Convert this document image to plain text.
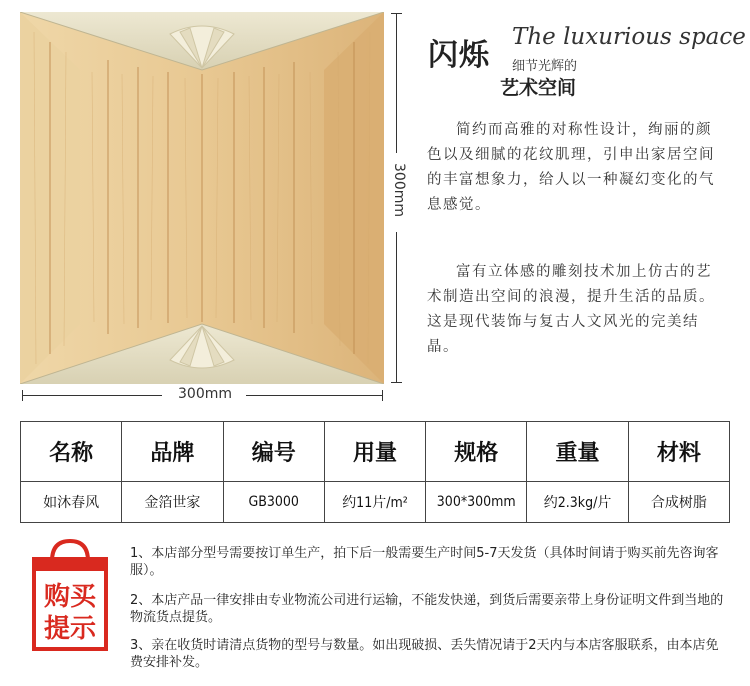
300mm
300mm
闪烁
The luxurious space
细节光辉的
艺术空间

简约而高雅的对称性设计，绚丽的颜色以及细腻的花纹肌理，引申出家居空间的丰富想象力，给人以一种凝幻变化的气息感觉。

富有立体感的雕刻技术加上仿古的艺术制造出空间的浪漫，提升生活的品质。这是现代装饰与复古人文风光的完美结晶。

名称	品牌	编号	用量	规格	重量	材料
如沐春风	金箔世家	GB3000	约11片/m²	300*300mm	约2.3kg/片	合成树脂
购买
提示

1、本店部分型号需要按订单生产，拍下后一般需要生产时间5-7天发货（具体时间请于购买前先咨询客服）。

2、本店产品一律安排由专业物流公司进行运输，不能发快递，到货后需要亲带上身份证明文件到当地的物流货点提货。

3、亲在收货时请清点货物的型号与数量。如出现破损、丢失情况请于2天内与本店客服联系，由本店免费安排补发。
